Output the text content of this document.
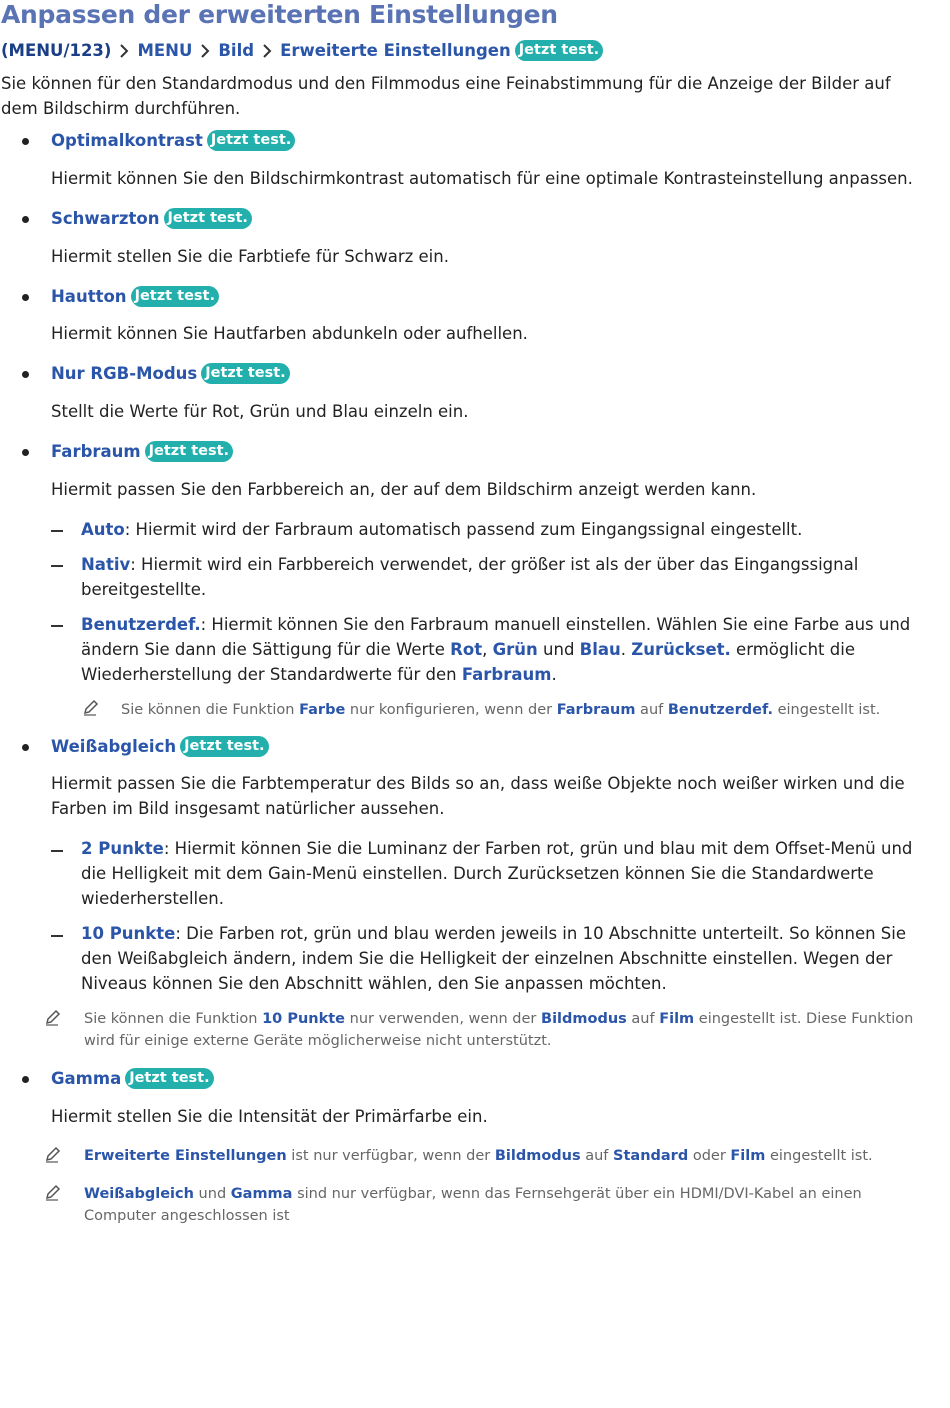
Anpassen der erweiterten Einstellungen
(MENU/123) MENU Bild Erweiterte Einstellungen Jetzt test.
Sie können für den Standardmodus und den Filmmodus eine Feinabstimmung für die Anzeige der Bilder auf dem Bildschirm durchführen.
Optimalkontrast Jetzt test.
Hiermit können Sie den Bildschirmkontrast automatisch für eine optimale Kontrasteinstellung anpassen.
Schwarzton Jetzt test.
Hiermit stellen Sie die Farbtiefe für Schwarz ein.
Hautton Jetzt test.
Hiermit können Sie Hautfarben abdunkeln oder aufhellen.
Nur RGB-Modus Jetzt test.
Stellt die Werte für Rot, Grün und Blau einzeln ein.
Farbraum Jetzt test.
Hiermit passen Sie den Farbbereich an, der auf dem Bildschirm anzeigt werden kann.
Auto: Hiermit wird der Farbraum automatisch passend zum Eingangssignal eingestellt.
Nativ: Hiermit wird ein Farbbereich verwendet, der größer ist als der über das Eingangssignal bereitgestellte.
Benutzerdef.: Hiermit können Sie den Farbraum manuell einstellen. Wählen Sie eine Farbe aus und ändern Sie dann die Sättigung für die Werte Rot, Grün und Blau. Zurückset. ermöglicht die Wiederherstellung der Standardwerte für den Farbraum.
Sie können die Funktion Farbe nur konfigurieren, wenn der Farbraum auf Benutzerdef. eingestellt ist.
Weißabgleich Jetzt test.
Hiermit passen Sie die Farbtemperatur des Bilds so an, dass weiße Objekte noch weißer wirken und die Farben im Bild insgesamt natürlicher aussehen.
2 Punkte: Hiermit können Sie die Luminanz der Farben rot, grün und blau mit dem Offset-Menü und die Helligkeit mit dem Gain-Menü einstellen. Durch Zurücksetzen können Sie die Standardwerte wiederherstellen.
10 Punkte: Die Farben rot, grün und blau werden jeweils in 10 Abschnitte unterteilt. So können Sie den Weißabgleich ändern, indem Sie die Helligkeit der einzelnen Abschnitte einstellen. Wegen der Niveaus können Sie den Abschnitt wählen, den Sie anpassen möchten.
Sie können die Funktion 10 Punkte nur verwenden, wenn der Bildmodus auf Film eingestellt ist. Diese Funktion wird für einige externe Geräte möglicherweise nicht unterstützt.
Gamma Jetzt test.
Hiermit stellen Sie die Intensität der Primärfarbe ein.
Erweiterte Einstellungen ist nur verfügbar, wenn der Bildmodus auf Standard oder Film eingestellt ist.
Weißabgleich und Gamma sind nur verfügbar, wenn das Fernsehgerät über ein HDMI/DVI-Kabel an einen Computer angeschlossen ist
